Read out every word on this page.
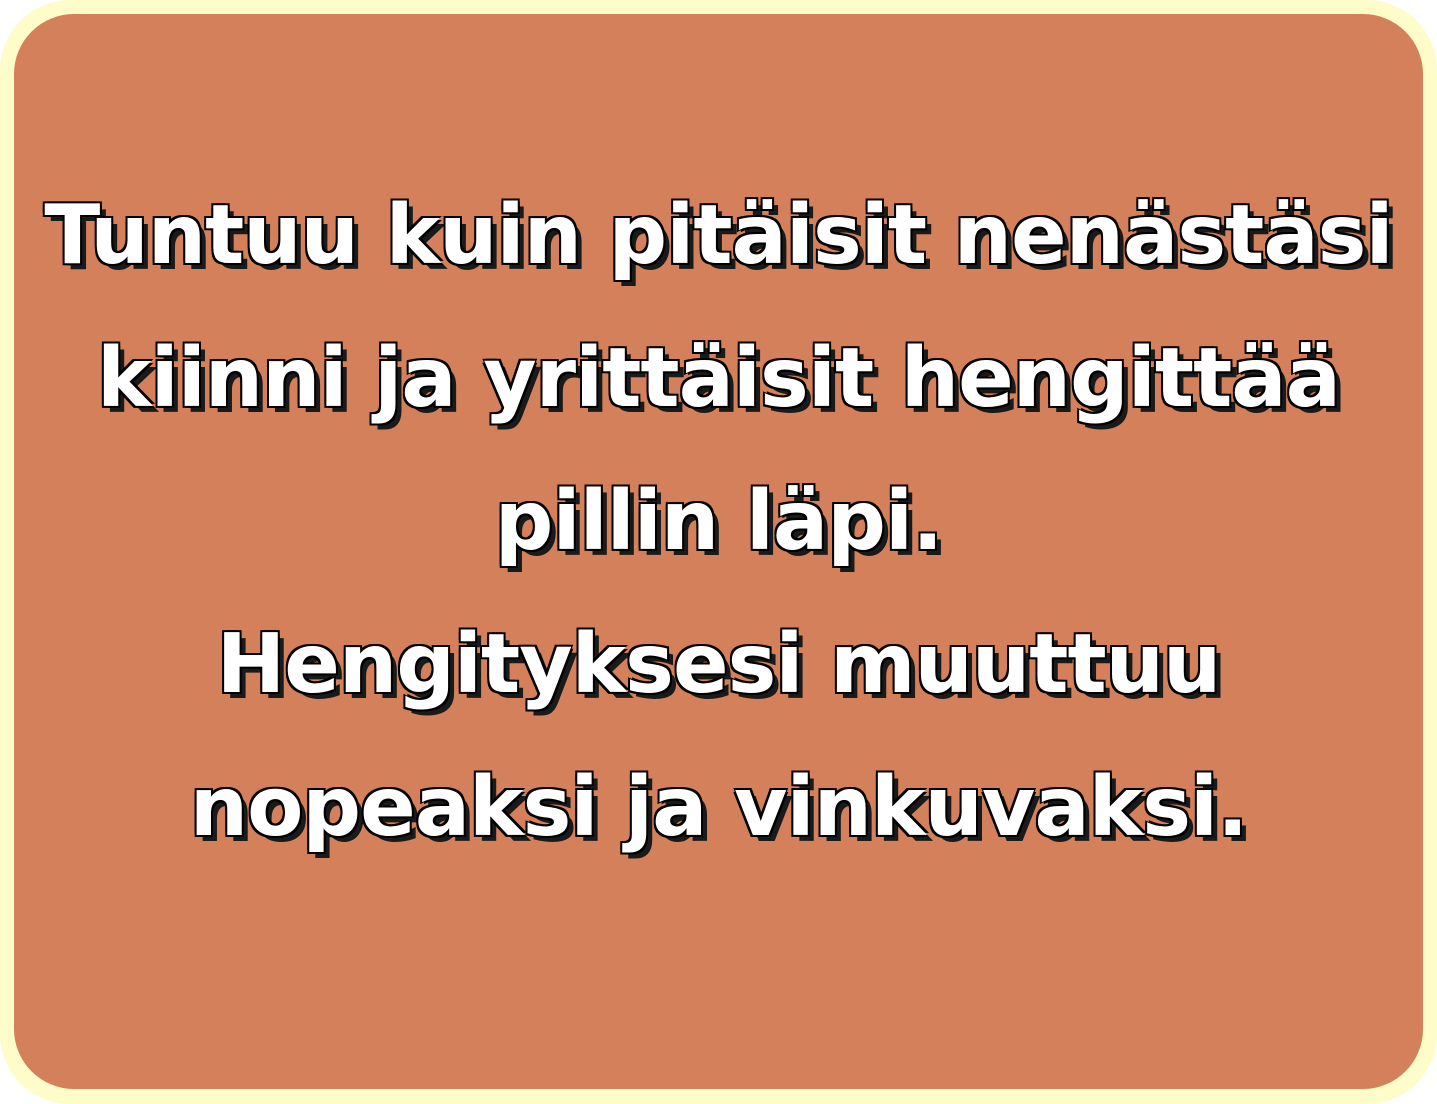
Tuntuu kuin pitäisit nenästäsi
kiinni ja yrittäisit hengittää
pillin läpi.
Hengityksesi muuttuu
nopeaksi ja vinkuvaksi.
